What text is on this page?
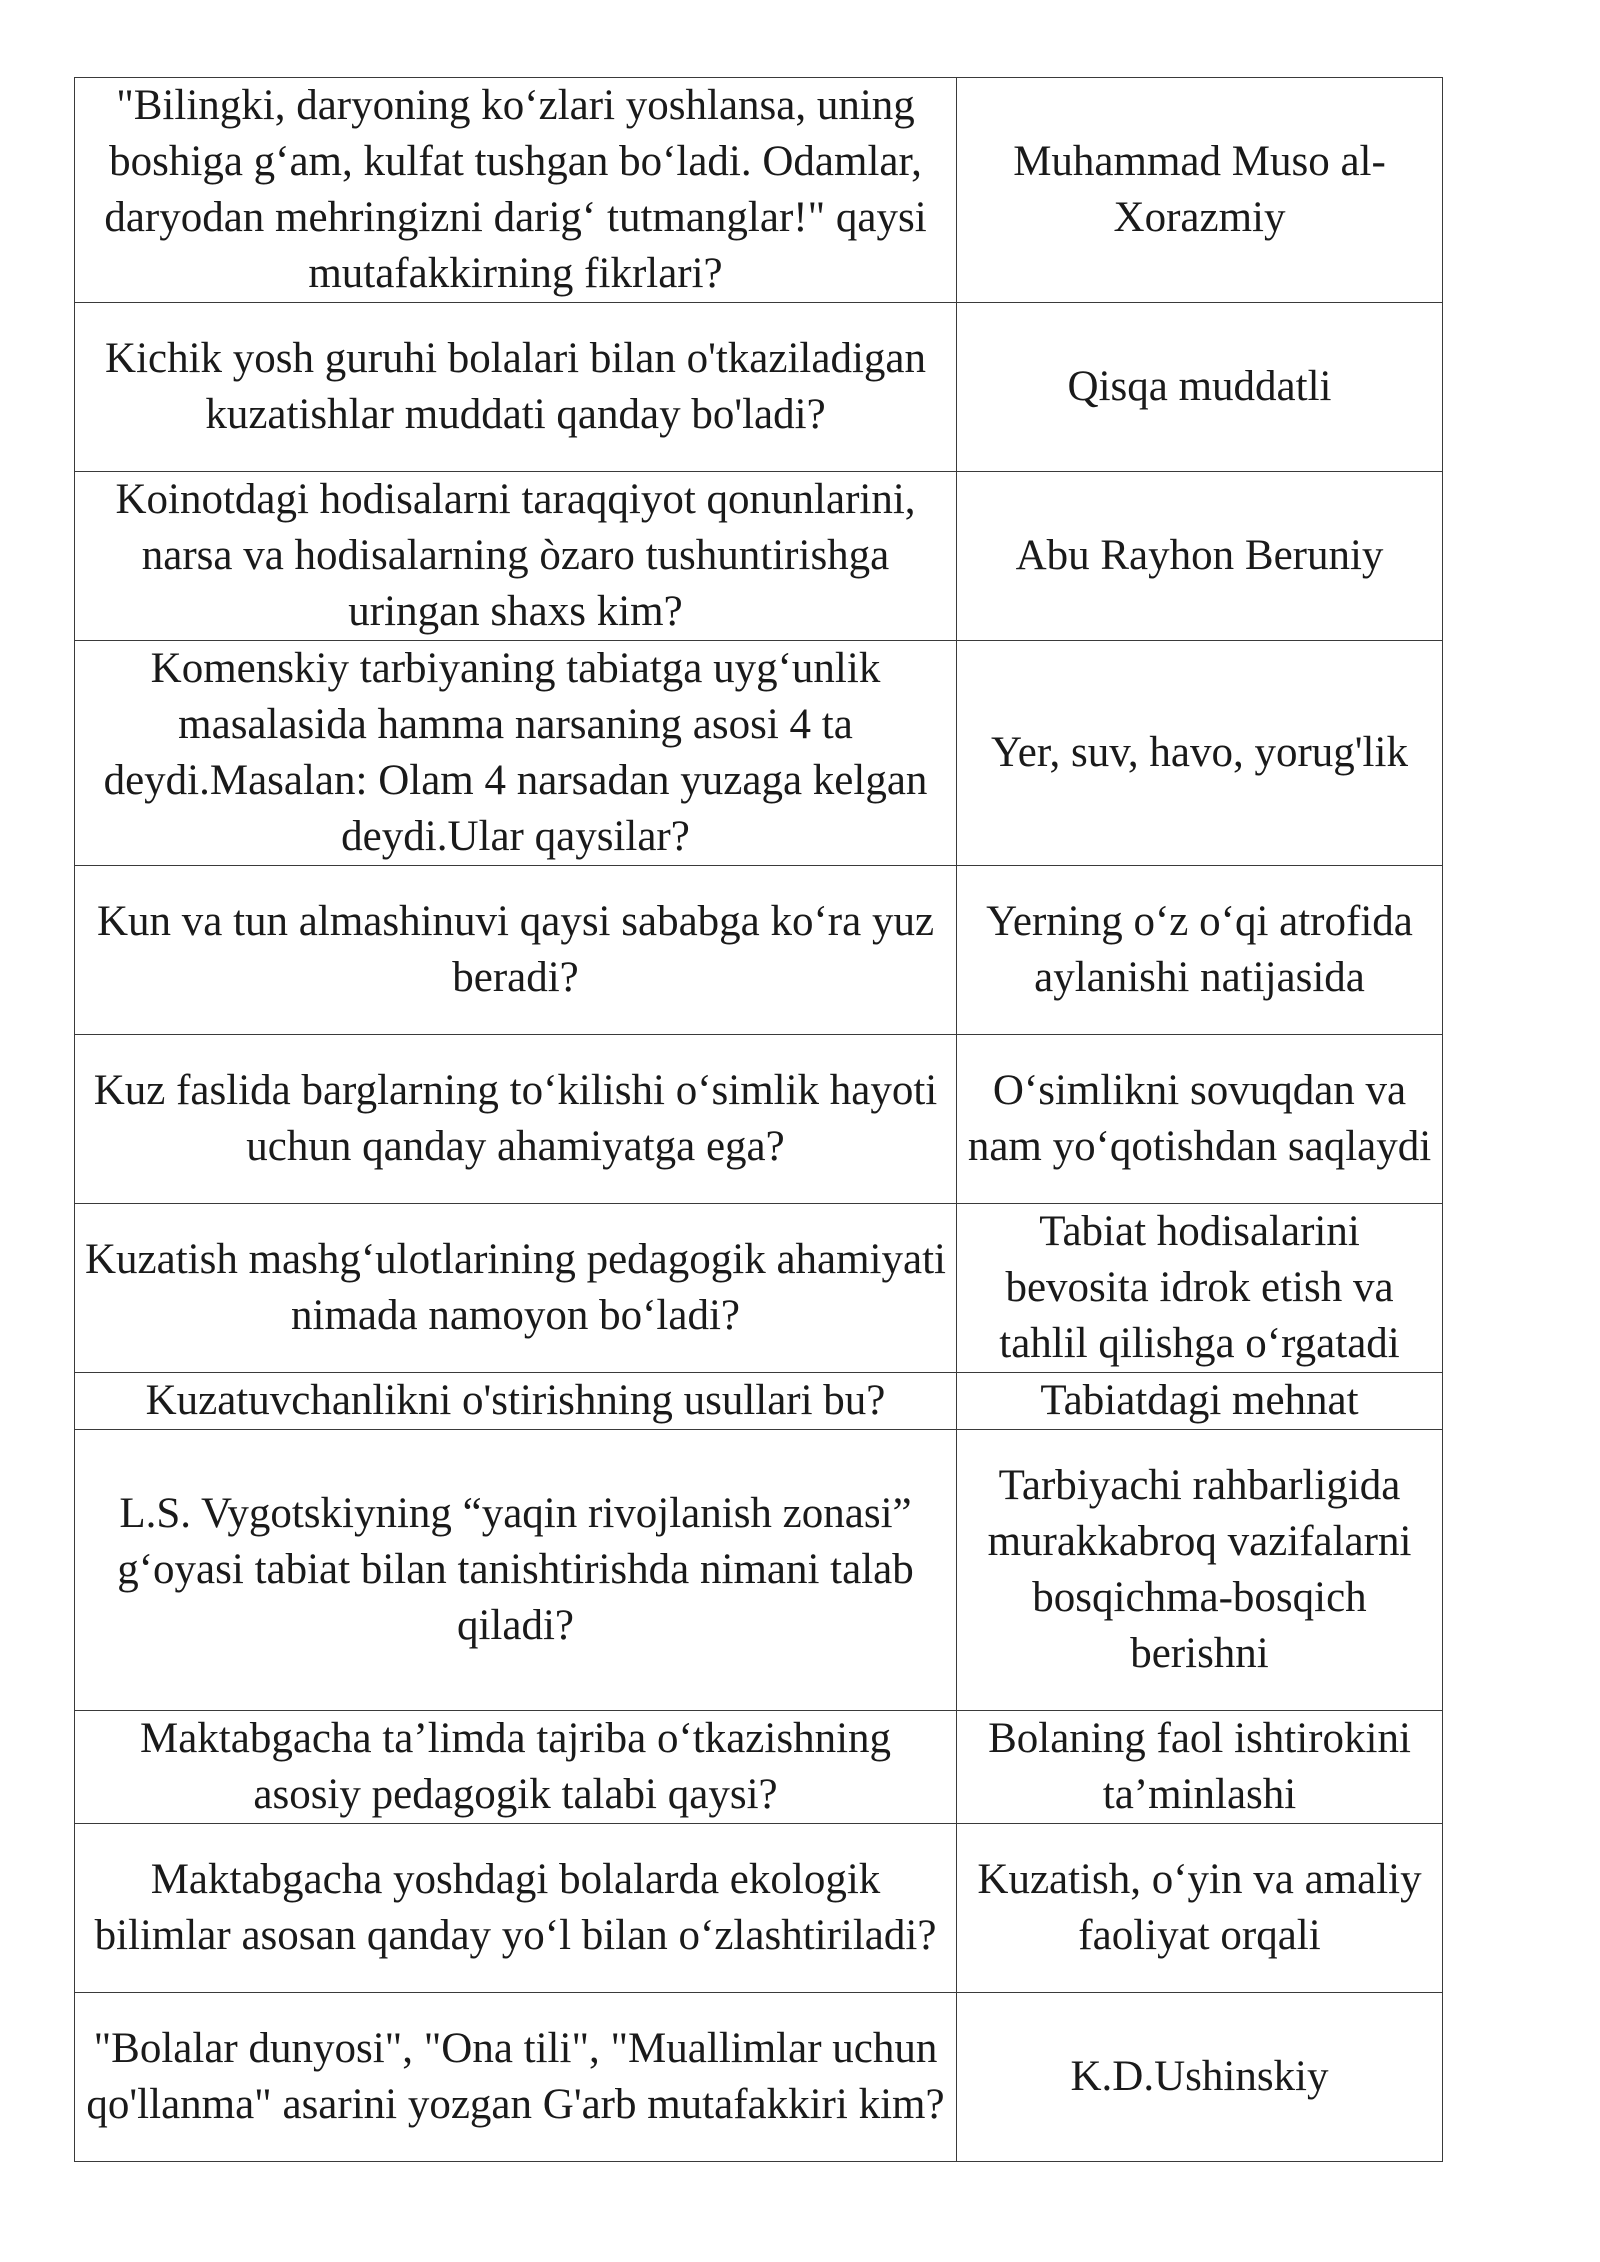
"Bilingki, daryoning ko‘zlari yoshlansa, uning boshiga g‘am, kulfat tushgan bo‘ladi. Odamlar, daryodan mehringizni darig‘ tutmanglar!" qaysi mutafakkirning fikrlari?	Muhammad Muso al-Xorazmiy
Kichik yosh guruhi bolalari bilan o'tkaziladigan kuzatishlar muddati qanday bo'ladi?	Qisqa muddatli
Koinotdagi hodisalarni taraqqiyot qonunlarini, narsa va hodisalarning òzaro tushuntirishga uringan shaxs kim?	Abu Rayhon Beruniy
Komenskiy tarbiyaning tabiatga uyg‘unlik masalasida hamma narsaning asosi 4 ta deydi.Masalan: Olam 4 narsadan yuzaga kelgan deydi.Ular qaysilar?	Yer, suv, havo, yorug'lik
Kun va tun almashinuvi qaysi sababga ko‘ra yuz beradi?	Yerning o‘z o‘qi atrofida aylanishi natijasida
Kuz faslida barglarning to‘kilishi o‘simlik hayoti uchun qanday ahamiyatga ega?	O‘simlikni sovuqdan va nam yo‘qotishdan saqlaydi
Kuzatish mashg‘ulotlarining pedagogik ahamiyati nimada namoyon bo‘ladi?	Tabiat hodisalarini bevosita idrok etish va tahlil qilishga o‘rgatadi
Kuzatuvchanlikni o'stirishning usullari bu?	Tabiatdagi mehnat
L.S. Vygotskiyning “yaqin rivojlanish zonasi” g‘oyasi tabiat bilan tanishtirishda nimani talab qiladi?	Tarbiyachi rahbarligida murakkabroq vazifalarni bosqichma-bosqich berishni
Maktabgacha ta’limda tajriba o‘tkazishning asosiy pedagogik talabi qaysi?	Bolaning faol ishtirokini ta’minlashi
Maktabgacha yoshdagi bolalarda ekologik bilimlar asosan qanday yo‘l bilan o‘zlashtiriladi?	Kuzatish, o‘yin va amaliy faoliyat orqali
"Bolalar dunyosi", "Ona tili", "Muallimlar uchun qo'llanma" asarini yozgan G'arb mutafakkiri kim?	K.D.Ushinskiy
